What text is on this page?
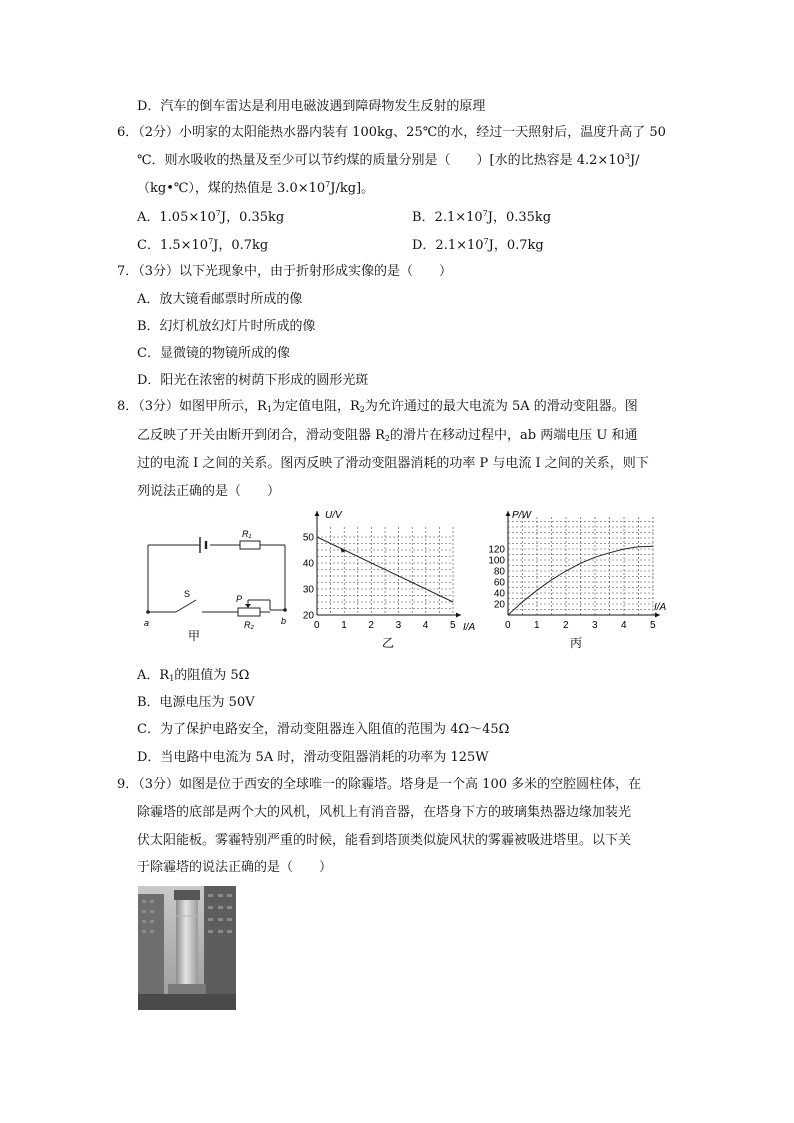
D．汽车的倒车雷达是利用电磁波遇到障碍物发生反射的原理
6．（2分）小明家的太阳能热水器内装有 100kg、25℃的水，经过一天照射后，温度升高了 50
℃．则水吸收的热量及至少可以节约煤的质量分别是（　　）[水的比热容是 $4.2\times 10^3J/$
（kg•℃），煤的热值是 $3.0\times 10^7J/kg$]。
A．$1.05\times 10^7J$，0.35kg	B．$2.1\times 10^7J$，0.35kg
C．$1.5\times 10^7J$，0.7kg	D．$2.1\times 10^7J$，0.7kg
7．（3分）以下光现象中，由于折射形成实像的是（　　）
A．放大镜看邮票时所成的像
B．幻灯机放幻灯片时所成的像
C．显微镜的物镜所成的像
D．阳光在浓密的树荫下形成的圆形光斑
8．（3分）如图甲所示，$R_1$为定值电阻，$R_2$为允许通过的最大电流为 5A 的滑动变阻器。图
乙反映了开关由断开到闭合，滑动变阻器 $R_2$的滑片在移动过程中，ab 两端电压 U 和通
过的电流 I 之间的关系。图丙反映了滑动变阻器消耗的功率 P 与电流 I 之间的关系，则下
列说法正确的是（　　）
R₁
R₂
S	P
a	b
甲
0 1 2 3 4 5
50
40
30
20
U/V
I/A
乙
0 1 2 3 4 5
120
100
80
60
40
20
P/W
I/A
丙
A．$R_1$的阻值为 5Ω
B．电源电压为 50V
C．为了保护电路安全，滑动变阻器连入阻值的范围为 4Ω～45Ω
D．当电路中电流为 5A 时，滑动变阻器消耗的功率为 125W
9．（3分）如图是位于西安的全球唯一的除霾塔。塔身是一个高 100 多米的空腔圆柱体，在
除霾塔的底部是两个大的风机，风机上有消音器，在塔身下方的玻璃集热器边缘加装光
伏太阳能板。雾霾特别严重的时候，能看到塔顶类似旋风状的雾霾被吸进塔里。以下关
于除霾塔的说法正确的是（　　）
